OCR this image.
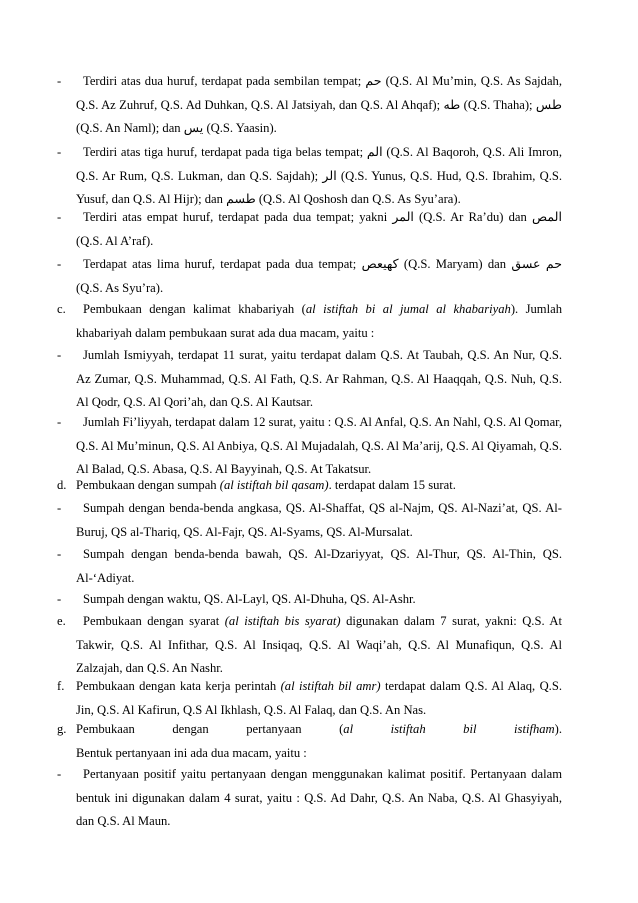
-	Terdiri atas dua huruf, terdapat pada sembilan tempat; حم (Q.S. Al Mu’min, Q.S. As Sajdah, Q.S. Az Zuhruf, Q.S. Ad Duhkan, Q.S. Al Jatsiyah, dan Q.S. Al Ahqaf); طه (Q.S. Thaha); طس (Q.S. An Naml); dan يس (Q.S. Yaasin).
-	Terdiri atas tiga huruf, terdapat pada tiga belas tempat; الم (Q.S. Al Baqoroh, Q.S. Ali Imron, Q.S. Ar Rum, Q.S. Lukman, dan Q.S. Sajdah); الر (Q.S. Yunus, Q.S. Hud, Q.S. Ibrahim, Q.S. Yusuf, dan Q.S. Al Hijr); dan طسم (Q.S. Al Qoshosh dan Q.S. As Syu’ara).
-	Terdiri atas empat huruf, terdapat pada dua tempat; yakni المر (Q.S. Ar Ra’du) dan المص (Q.S. Al A’raf).
-	Terdapat atas lima huruf, terdapat pada dua tempat; كهيعص (Q.S. Maryam) dan حم عسق (Q.S. As Syu’ra).
c.	Pembukaan dengan kalimat khabariyah (al istiftah bi al jumal al khabariyah). Jumlah khabariyah dalam pembukaan surat ada dua macam, yaitu :
-	Jumlah Ismiyyah, terdapat 11 surat, yaitu terdapat dalam Q.S. At Taubah, Q.S. An Nur, Q.S. Az Zumar, Q.S. Muhammad, Q.S. Al Fath, Q.S. Ar Rahman, Q.S. Al Haaqqah, Q.S. Nuh, Q.S. Al Qodr, Q.S. Al Qori’ah, dan Q.S. Al Kautsar.
-	Jumlah Fi’liyyah, terdapat dalam 12 surat, yaitu : Q.S. Al Anfal, Q.S. An Nahl, Q.S. Al Qomar, Q.S. Al Mu’minun, Q.S. Al Anbiya, Q.S. Al Mujadalah, Q.S. Al Ma’arij, Q.S. Al Qiyamah, Q.S. Al Balad, Q.S. Abasa, Q.S. Al Bayyinah, Q.S. At Takatsur.
d. Pembukaan dengan sumpah (al istiftah bil qasam). terdapat dalam 15 surat.
-	Sumpah dengan benda-benda angkasa, QS. Al-Shaffat, QS al-Najm, QS. Al-Nazi’at, QS. Al-Buruj, QS al-Thariq, QS. Al-Fajr, QS. Al-Syams, QS. Al-Mursalat.
-	Sumpah dengan benda-benda bawah, QS. Al-Dzariyyat, QS. Al-Thur, QS. Al-Thin, QS. Al-‘Adiyat.
-	Sumpah dengan waktu, QS. Al-Layl, QS. Al-Dhuha, QS. Al-Ashr.
e.	Pembukaan dengan syarat (al istiftah bis syarat) digunakan dalam 7 surat, yakni: Q.S. At Takwir, Q.S. Al Infithar, Q.S. Al Insiqaq, Q.S. Al Waqi’ah, Q.S. Al Munafiqun, Q.S. Al Zalzajah, dan Q.S. An Nashr.
f. Pembukaan dengan kata kerja perintah (al istiftah bil amr) terdapat dalam Q.S. Al Alaq, Q.S. Jin, Q.S. Al Kafirun, Q.S Al Ikhlash, Q.S. Al Falaq, dan Q.S. An Nas.
g. Pembukaan dengan pertanyaan (al istiftah bil istifham).
Bentuk pertanyaan ini ada dua macam, yaitu :
-	Pertanyaan positif yaitu pertanyaan dengan menggunakan kalimat positif. Pertanyaan dalam bentuk ini digunakan dalam 4 surat, yaitu : Q.S. Ad Dahr, Q.S. An Naba, Q.S. Al Ghasyiyah, dan Q.S. Al Maun.
